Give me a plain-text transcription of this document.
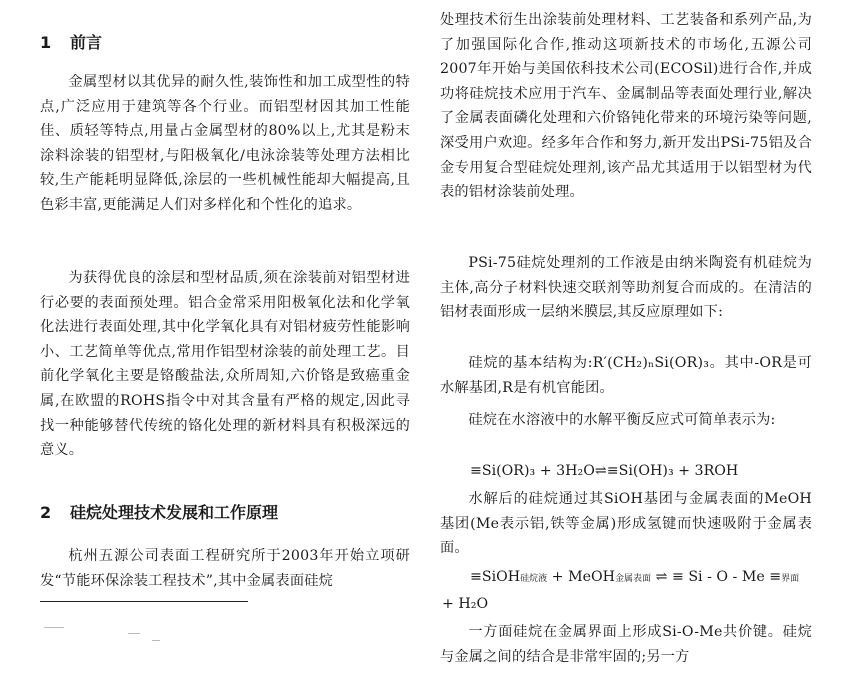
1 前言

金属型材以其优异的耐久性,装饰性和加工成型性的特点,广泛应用于建筑等各个行业。而铝型材因其加工性能佳、质轻等特点,用量占金属型材的80%以上,尤其是粉末涂料涂装的铝型材,与阳极氧化/电泳涂装等处理方法相比较,生产能耗明显降低,涂层的一些机械性能却大幅提高,且色彩丰富,更能满足人们对多样化和个性化的追求。

为获得优良的涂层和型材品质,须在涂装前对铝型材进行必要的表面预处理。铝合金常采用阳极氧化法和化学氧化法进行表面处理,其中化学氧化具有对铝材疲劳性能影响小、工艺简单等优点,常用作铝型材涂装的前处理工艺。目前化学氧化主要是铬酸盐法,众所周知,六价铬是致癌重金属,在欧盟的ROHS指令中对其含量有严格的规定,因此寻找一种能够替代传统的铬化处理的新材料具有积极深远的意义。

2 硅烷处理技术发展和工作原理

杭州五源公司表面工程研究所于2003年开始立项研发“节能环保涂装工程技术”,其中金属表面硅烷

处理技术衍生出涂装前处理材料、工艺装备和系列产品,为了加强国际化合作,推动这项新技术的市场化,五源公司2007年开始与美国依科技术公司(ECOSil)进行合作,并成功将硅烷技术应用于汽车、金属制品等表面处理行业,解决了金属表面磷化处理和六价铬钝化带来的环境污染等问题,深受用户欢迎。经多年合作和努力,新开发出PSi-75铝及合金专用复合型硅烷处理剂,该产品尤其适用于以铝型材为代表的铝材涂装前处理。

PSi-75硅烷处理剂的工作液是由纳米陶瓷有机硅烷为主体,高分子材料快速交联剂等助剂复合而成的。在清洁的铝材表面形成一层纳米膜层,其反应原理如下:

硅烷的基本结构为:R′(CH₂)ₙSi(OR)₃。其中-OR是可水解基团,R是有机官能团。

硅烷在水溶液中的水解平衡反应式可简单表示为:

≡Si(OR)₃ + 3H₂O⇌≡Si(OH)₃ + 3ROH

水解后的硅烷通过其SiOH基团与金属表面的MeOH基团(Me表示铝,铁等金属)形成氢键而快速吸附于金属表面。

≡SiOH硅烷液 + MeOH金属表面 ⇌ ≡ Si - O - Me ≡界面

+ H₂O

一方面硅烷在金属界面上形成Si-O-Me共价键。硅烷与金属之间的结合是非常牢固的;另一方
